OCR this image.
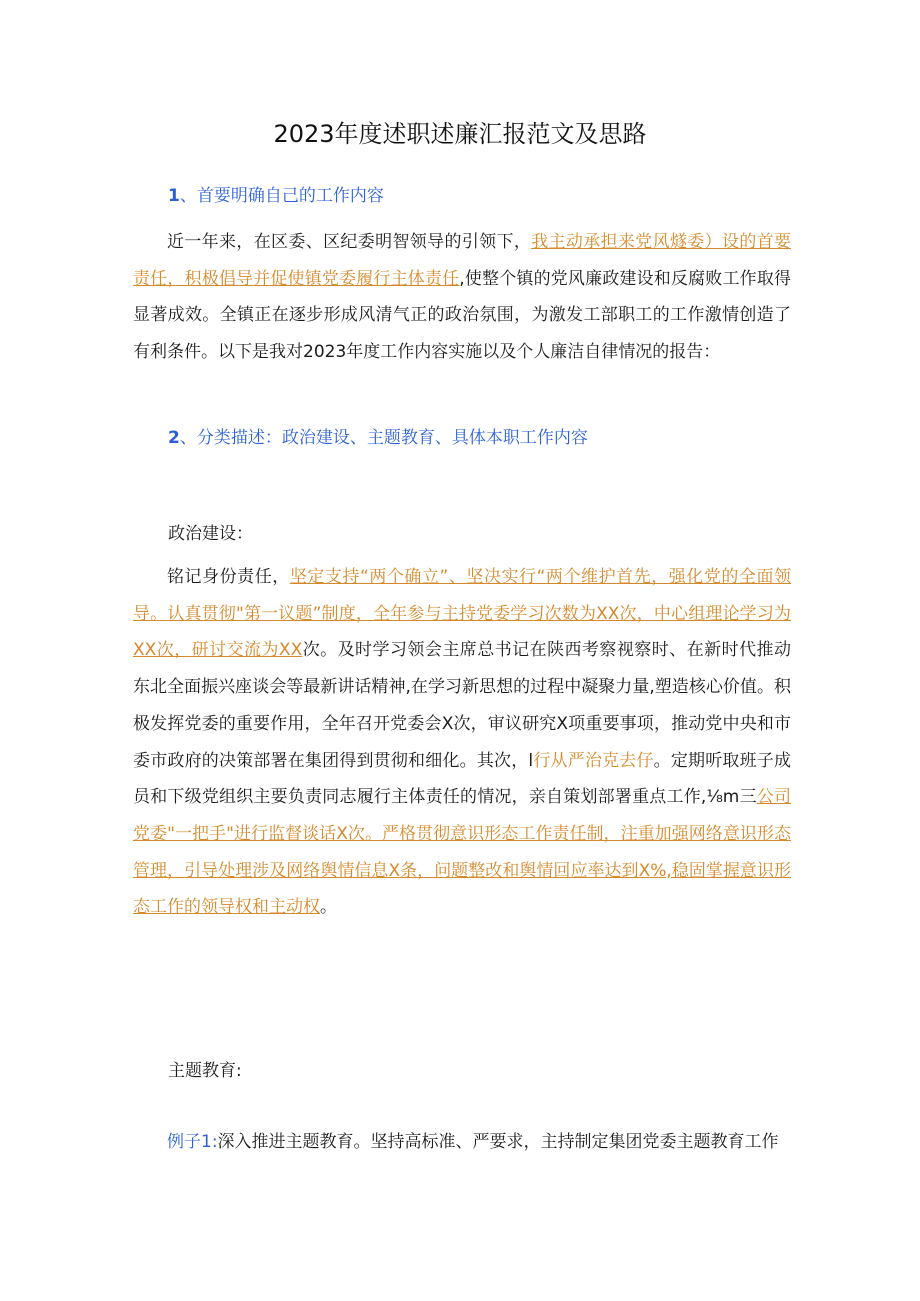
2023年度述职述廉汇报范文及思路
1、首要明确自己的工作内容

近一年来，在区委、区纪委明智领导的引领下，我主动承担来党风燧委）设的首要责任，积极倡导并促使镇党委履行主体责任,使整个镇的党风廉政建设和反腐败工作取得显著成效。全镇正在逐步形成风清气正的政治氛围，为激发工部职工的工作激情创造了有利条件。以下是我对2023年度工作内容实施以及个人廉洁自律情况的报告：

2、分类描述：政治建设、主题教育、具体本职工作内容
政治建设：

铭记身份责任，坚定支持“两个确立”、坚决实行“两个维护首先，强化党的全面领导。认真贯彻"第一议题”制度，全年参与主持党委学习次数为XX次，中心组理论学习为XX次，研讨交流为XX次。及时学习领会主席总书记在陕西考察视察时、在新时代推动东北全面振兴座谈会等最新讲话精神,在学习新思想的过程中凝聚力量,塑造核心价值。积极发挥党委的重要作用，全年召开党委会X次，审议研究X项重要事项，推动党中央和市委市政府的决策部署在集团得到贯彻和细化。其次，l行从严治克去仔。定期听取班子成员和下级党组织主要负责同志履行主体责任的情况，亲自策划部署重点工作,⅛m三公司党委"一把手"进行监督谈话X次。严格贯彻意识形态工作责任制，注重加强网络意识形态管理，引导处理涉及网络舆情信息X条，问题整改和舆情回应率达到X%,稳固掌握意识形态工作的领导权和主动权。

主题教育:

例子1:深入推进主题教育。坚持高标准、严要求，主持制定集团党委主题教育工作
